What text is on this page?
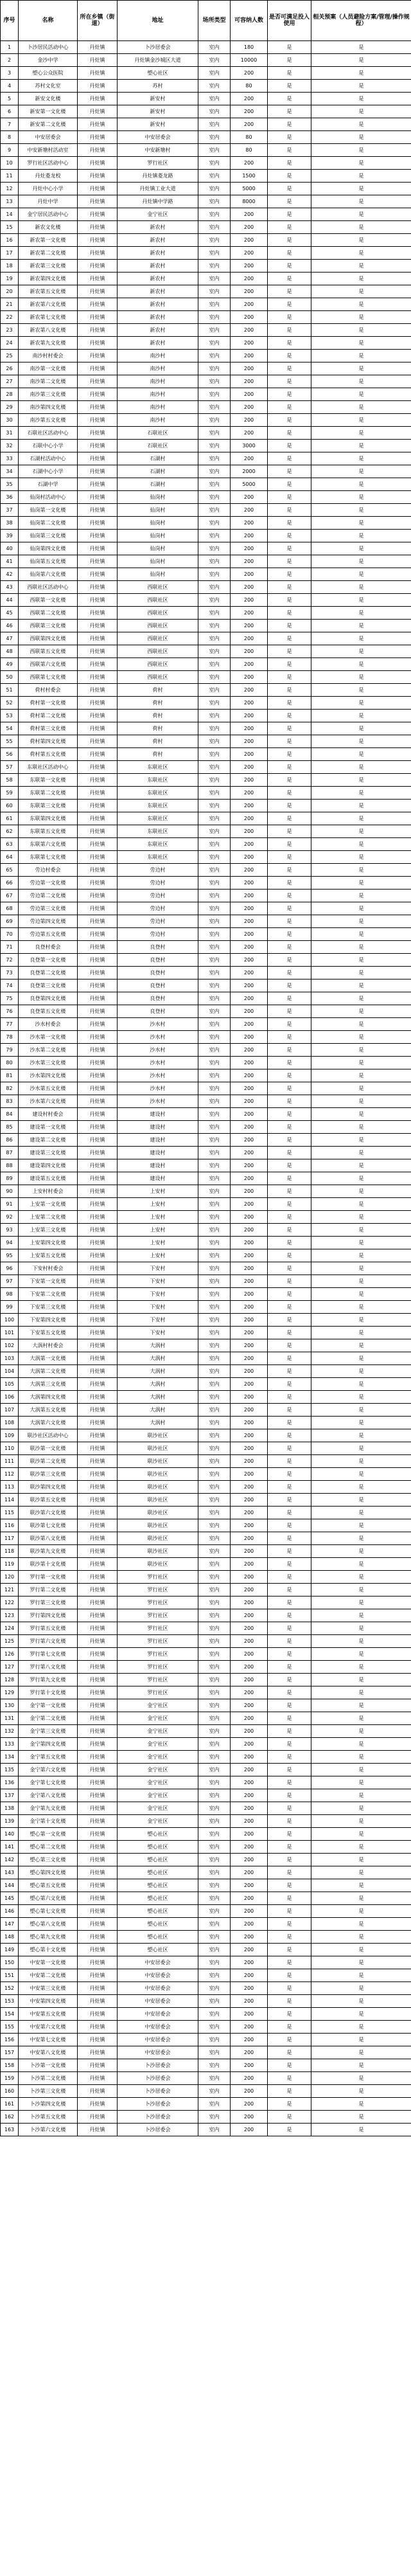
序号	名称	所在乡镇（街道）	地址	场所类型	可容纳人数	是否可满足投入使用	相关预案（人员避险方案/管理/操作规程）
1	卜沙居民活动中心	丹灶镇	卜沙居委会	室内	180	是	是
2	金沙中学	丹灶镇	丹灶镇金沙城区大道	室内	10000	是	是
3	塱心公众医院	丹灶镇	塱心社区	室内	200	是	是
4	苏村文化室	丹灶镇	苏村	室内	80	是	是
5	新安文化楼	丹灶镇	新安村	室内	200	是	是
6	新安第一文化楼	丹灶镇	新安村	室内	200	是	是
7	新安第二文化楼	丹灶镇	新安村	室内	200	是	是
8	中安居委会	丹灶镇	中安居委会	室内	80	是	是
9	中安新塘村活动室	丹灶镇	中安新塘村	室内	80	是	是
10	罗行社区活动中心	丹灶镇	罗行社区	室内	200	是	是
11	丹灶菱龙校	丹灶镇	丹灶镇菱龙路	室内	1500	是	是
12	丹灶中心小学	丹灶镇	丹灶镇工业大道	室内	5000	是	是
13	丹灶中学	丹灶镇	丹灶镇中学路	室内	8000	是	是
14	金宁居民活动中心	丹灶镇	金宁社区	室内	200	是	是
15	新农文化楼	丹灶镇	新农村	室内	200	是	是
16	新农第一文化楼	丹灶镇	新农村	室内	200	是	是
17	新农第二文化楼	丹灶镇	新农村	室内	200	是	是
18	新农第三文化楼	丹灶镇	新农村	室内	200	是	是
19	新农第四文化楼	丹灶镇	新农村	室内	200	是	是
20	新农第五文化楼	丹灶镇	新农村	室内	200	是	是
21	新农第六文化楼	丹灶镇	新农村	室内	200	是	是
22	新农第七文化楼	丹灶镇	新农村	室内	200	是	是
23	新农第八文化楼	丹灶镇	新农村	室内	200	是	是
24	新农第九文化楼	丹灶镇	新农村	室内	200	是	是
25	南沙村村委会	丹灶镇	南沙村	室内	200	是	是
26	南沙第一文化楼	丹灶镇	南沙村	室内	200	是	是
27	南沙第二文化楼	丹灶镇	南沙村	室内	200	是	是
28	南沙第三文化楼	丹灶镇	南沙村	室内	200	是	是
29	南沙第四文化楼	丹灶镇	南沙村	室内	200	是	是
30	南沙第五文化楼	丹灶镇	南沙村	室内	200	是	是
31	石联社区活动中心	丹灶镇	石联社区	室内	200	是	是
32	石联中心小学	丹灶镇	石联社区	室内	3000	是	是
33	石湖村活动中心	丹灶镇	石湖村	室内	200	是	是
34	石湖中心小学	丹灶镇	石湖村	室内	2000	是	是
35	石湖中学	丹灶镇	石湖村	室内	5000	是	是
36	仙岗村活动中心	丹灶镇	仙岗村	室内	200	是	是
37	仙岗第一文化楼	丹灶镇	仙岗村	室内	200	是	是
38	仙岗第二文化楼	丹灶镇	仙岗村	室内	200	是	是
39	仙岗第三文化楼	丹灶镇	仙岗村	室内	200	是	是
40	仙岗第四文化楼	丹灶镇	仙岗村	室内	200	是	是
41	仙岗第五文化楼	丹灶镇	仙岗村	室内	200	是	是
42	仙岗第六文化楼	丹灶镇	仙岗村	室内	200	是	是
43	西联社区活动中心	丹灶镇	西联社区	室内	200	是	是
44	西联第一文化楼	丹灶镇	西联社区	室内	200	是	是
45	西联第二文化楼	丹灶镇	西联社区	室内	200	是	是
46	西联第三文化楼	丹灶镇	西联社区	室内	200	是	是
47	西联第四文化楼	丹灶镇	西联社区	室内	200	是	是
48	西联第五文化楼	丹灶镇	西联社区	室内	200	是	是
49	西联第六文化楼	丹灶镇	西联社区	室内	200	是	是
50	西联第七文化楼	丹灶镇	西联社区	室内	200	是	是
51	荷村村委会	丹灶镇	荷村	室内	200	是	是
52	荷村第一文化楼	丹灶镇	荷村	室内	200	是	是
53	荷村第二文化楼	丹灶镇	荷村	室内	200	是	是
54	荷村第三文化楼	丹灶镇	荷村	室内	200	是	是
55	荷村第四文化楼	丹灶镇	荷村	室内	200	是	是
56	荷村第五文化楼	丹灶镇	荷村	室内	200	是	是
57	东联社区活动中心	丹灶镇	东联社区	室内	200	是	是
58	东联第一文化楼	丹灶镇	东联社区	室内	200	是	是
59	东联第二文化楼	丹灶镇	东联社区	室内	200	是	是
60	东联第三文化楼	丹灶镇	东联社区	室内	200	是	是
61	东联第四文化楼	丹灶镇	东联社区	室内	200	是	是
62	东联第五文化楼	丹灶镇	东联社区	室内	200	是	是
63	东联第六文化楼	丹灶镇	东联社区	室内	200	是	是
64	东联第七文化楼	丹灶镇	东联社区	室内	200	是	是
65	劳边村委会	丹灶镇	劳边村	室内	200	是	是
66	劳边第一文化楼	丹灶镇	劳边村	室内	200	是	是
67	劳边第二文化楼	丹灶镇	劳边村	室内	200	是	是
68	劳边第三文化楼	丹灶镇	劳边村	室内	200	是	是
69	劳边第四文化楼	丹灶镇	劳边村	室内	200	是	是
70	劳边第五文化楼	丹灶镇	劳边村	室内	200	是	是
71	良登村委会	丹灶镇	良登村	室内	200	是	是
72	良登第一文化楼	丹灶镇	良登村	室内	200	是	是
73	良登第二文化楼	丹灶镇	良登村	室内	200	是	是
74	良登第三文化楼	丹灶镇	良登村	室内	200	是	是
75	良登第四文化楼	丹灶镇	良登村	室内	200	是	是
76	良登第五文化楼	丹灶镇	良登村	室内	200	是	是
77	沙水村委会	丹灶镇	沙水村	室内	200	是	是
78	沙水第一文化楼	丹灶镇	沙水村	室内	200	是	是
79	沙水第二文化楼	丹灶镇	沙水村	室内	200	是	是
80	沙水第三文化楼	丹灶镇	沙水村	室内	200	是	是
81	沙水第四文化楼	丹灶镇	沙水村	室内	200	是	是
82	沙水第五文化楼	丹灶镇	沙水村	室内	200	是	是
83	沙水第六文化楼	丹灶镇	沙水村	室内	200	是	是
84	建设村村委会	丹灶镇	建设村	室内	200	是	是
85	建设第一文化楼	丹灶镇	建设村	室内	200	是	是
86	建设第二文化楼	丹灶镇	建设村	室内	200	是	是
87	建设第三文化楼	丹灶镇	建设村	室内	200	是	是
88	建设第四文化楼	丹灶镇	建设村	室内	200	是	是
89	建设第五文化楼	丹灶镇	建设村	室内	200	是	是
90	上安村村委会	丹灶镇	上安村	室内	200	是	是
91	上安第一文化楼	丹灶镇	上安村	室内	200	是	是
92	上安第二文化楼	丹灶镇	上安村	室内	200	是	是
93	上安第三文化楼	丹灶镇	上安村	室内	200	是	是
94	上安第四文化楼	丹灶镇	上安村	室内	200	是	是
95	上安第五文化楼	丹灶镇	上安村	室内	200	是	是
96	下安村村委会	丹灶镇	下安村	室内	200	是	是
97	下安第一文化楼	丹灶镇	下安村	室内	200	是	是
98	下安第二文化楼	丹灶镇	下安村	室内	200	是	是
99	下安第三文化楼	丹灶镇	下安村	室内	200	是	是
100	下安第四文化楼	丹灶镇	下安村	室内	200	是	是
101	下安第五文化楼	丹灶镇	下安村	室内	200	是	是
102	大涡村村委会	丹灶镇	大涡村	室内	200	是	是
103	大涡第一文化楼	丹灶镇	大涡村	室内	200	是	是
104	大涡第二文化楼	丹灶镇	大涡村	室内	200	是	是
105	大涡第三文化楼	丹灶镇	大涡村	室内	200	是	是
106	大涡第四文化楼	丹灶镇	大涡村	室内	200	是	是
107	大涡第五文化楼	丹灶镇	大涡村	室内	200	是	是
108	大涡第六文化楼	丹灶镇	大涡村	室内	200	是	是
109	联沙社区活动中心	丹灶镇	联沙社区	室内	200	是	是
110	联沙第一文化楼	丹灶镇	联沙社区	室内	200	是	是
111	联沙第二文化楼	丹灶镇	联沙社区	室内	200	是	是
112	联沙第三文化楼	丹灶镇	联沙社区	室内	200	是	是
113	联沙第四文化楼	丹灶镇	联沙社区	室内	200	是	是
114	联沙第五文化楼	丹灶镇	联沙社区	室内	200	是	是
115	联沙第六文化楼	丹灶镇	联沙社区	室内	200	是	是
116	联沙第七文化楼	丹灶镇	联沙社区	室内	200	是	是
117	联沙第八文化楼	丹灶镇	联沙社区	室内	200	是	是
118	联沙第九文化楼	丹灶镇	联沙社区	室内	200	是	是
119	联沙第十文化楼	丹灶镇	联沙社区	室内	200	是	是
120	罗行第一文化楼	丹灶镇	罗行社区	室内	200	是	是
121	罗行第二文化楼	丹灶镇	罗行社区	室内	200	是	是
122	罗行第三文化楼	丹灶镇	罗行社区	室内	200	是	是
123	罗行第四文化楼	丹灶镇	罗行社区	室内	200	是	是
124	罗行第五文化楼	丹灶镇	罗行社区	室内	200	是	是
125	罗行第六文化楼	丹灶镇	罗行社区	室内	200	是	是
126	罗行第七文化楼	丹灶镇	罗行社区	室内	200	是	是
127	罗行第八文化楼	丹灶镇	罗行社区	室内	200	是	是
128	罗行第九文化楼	丹灶镇	罗行社区	室内	200	是	是
129	罗行第十文化楼	丹灶镇	罗行社区	室内	200	是	是
130	金宁第一文化楼	丹灶镇	金宁社区	室内	200	是	是
131	金宁第二文化楼	丹灶镇	金宁社区	室内	200	是	是
132	金宁第三文化楼	丹灶镇	金宁社区	室内	200	是	是
133	金宁第四文化楼	丹灶镇	金宁社区	室内	200	是	是
134	金宁第五文化楼	丹灶镇	金宁社区	室内	200	是	是
135	金宁第六文化楼	丹灶镇	金宁社区	室内	200	是	是
136	金宁第七文化楼	丹灶镇	金宁社区	室内	200	是	是
137	金宁第八文化楼	丹灶镇	金宁社区	室内	200	是	是
138	金宁第九文化楼	丹灶镇	金宁社区	室内	200	是	是
139	金宁第十文化楼	丹灶镇	金宁社区	室内	200	是	是
140	塱心第一文化楼	丹灶镇	塱心社区	室内	200	是	是
141	塱心第二文化楼	丹灶镇	塱心社区	室内	200	是	是
142	塱心第三文化楼	丹灶镇	塱心社区	室内	200	是	是
143	塱心第四文化楼	丹灶镇	塱心社区	室内	200	是	是
144	塱心第五文化楼	丹灶镇	塱心社区	室内	200	是	是
145	塱心第六文化楼	丹灶镇	塱心社区	室内	200	是	是
146	塱心第七文化楼	丹灶镇	塱心社区	室内	200	是	是
147	塱心第八文化楼	丹灶镇	塱心社区	室内	200	是	是
148	塱心第九文化楼	丹灶镇	塱心社区	室内	200	是	是
149	塱心第十文化楼	丹灶镇	塱心社区	室内	200	是	是
150	中安第一文化楼	丹灶镇	中安居委会	室内	200	是	是
151	中安第二文化楼	丹灶镇	中安居委会	室内	200	是	是
152	中安第三文化楼	丹灶镇	中安居委会	室内	200	是	是
153	中安第四文化楼	丹灶镇	中安居委会	室内	200	是	是
154	中安第五文化楼	丹灶镇	中安居委会	室内	200	是	是
155	中安第六文化楼	丹灶镇	中安居委会	室内	200	是	是
156	中安第七文化楼	丹灶镇	中安居委会	室内	200	是	是
157	中安第八文化楼	丹灶镇	中安居委会	室内	200	是	是
158	卜沙第一文化楼	丹灶镇	卜沙居委会	室内	200	是	是
159	卜沙第二文化楼	丹灶镇	卜沙居委会	室内	200	是	是
160	卜沙第三文化楼	丹灶镇	卜沙居委会	室内	200	是	是
161	卜沙第四文化楼	丹灶镇	卜沙居委会	室内	200	是	是
162	卜沙第五文化楼	丹灶镇	卜沙居委会	室内	200	是	是
163	卜沙第六文化楼	丹灶镇	卜沙居委会	室内	200	是	是
